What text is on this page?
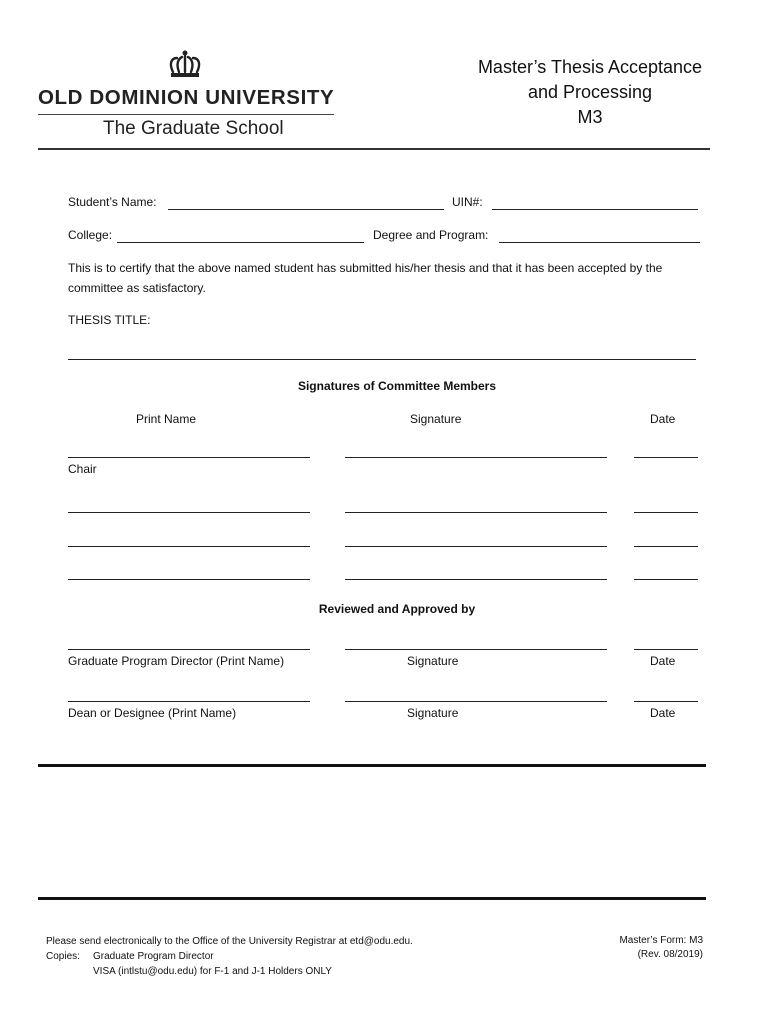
OLD DOMINION UNIVERSITY
The Graduate School
Master’s Thesis Acceptance
and Processing
M3
Student’s Name:	UIN#:
College:	Degree and Program:
This is to certify that the above named student has submitted his/her thesis and that it has been accepted by the
committee as satisfactory.
THESIS TITLE:
Signatures of Committee Members
Print Name	Signature	Date
Chair
Reviewed and Approved by
Graduate Program Director (Print Name)	Signature	Date
Dean or Designee (Print Name)	Signature	Date
Please send electronically to the Office of the University Registrar at etd@odu.edu.
Copies: Graduate Program Director
VISA (intlstu@odu.edu) for F-1 and J-1 Holders ONLY
Master’s Form: M3
(Rev. 08/2019)
